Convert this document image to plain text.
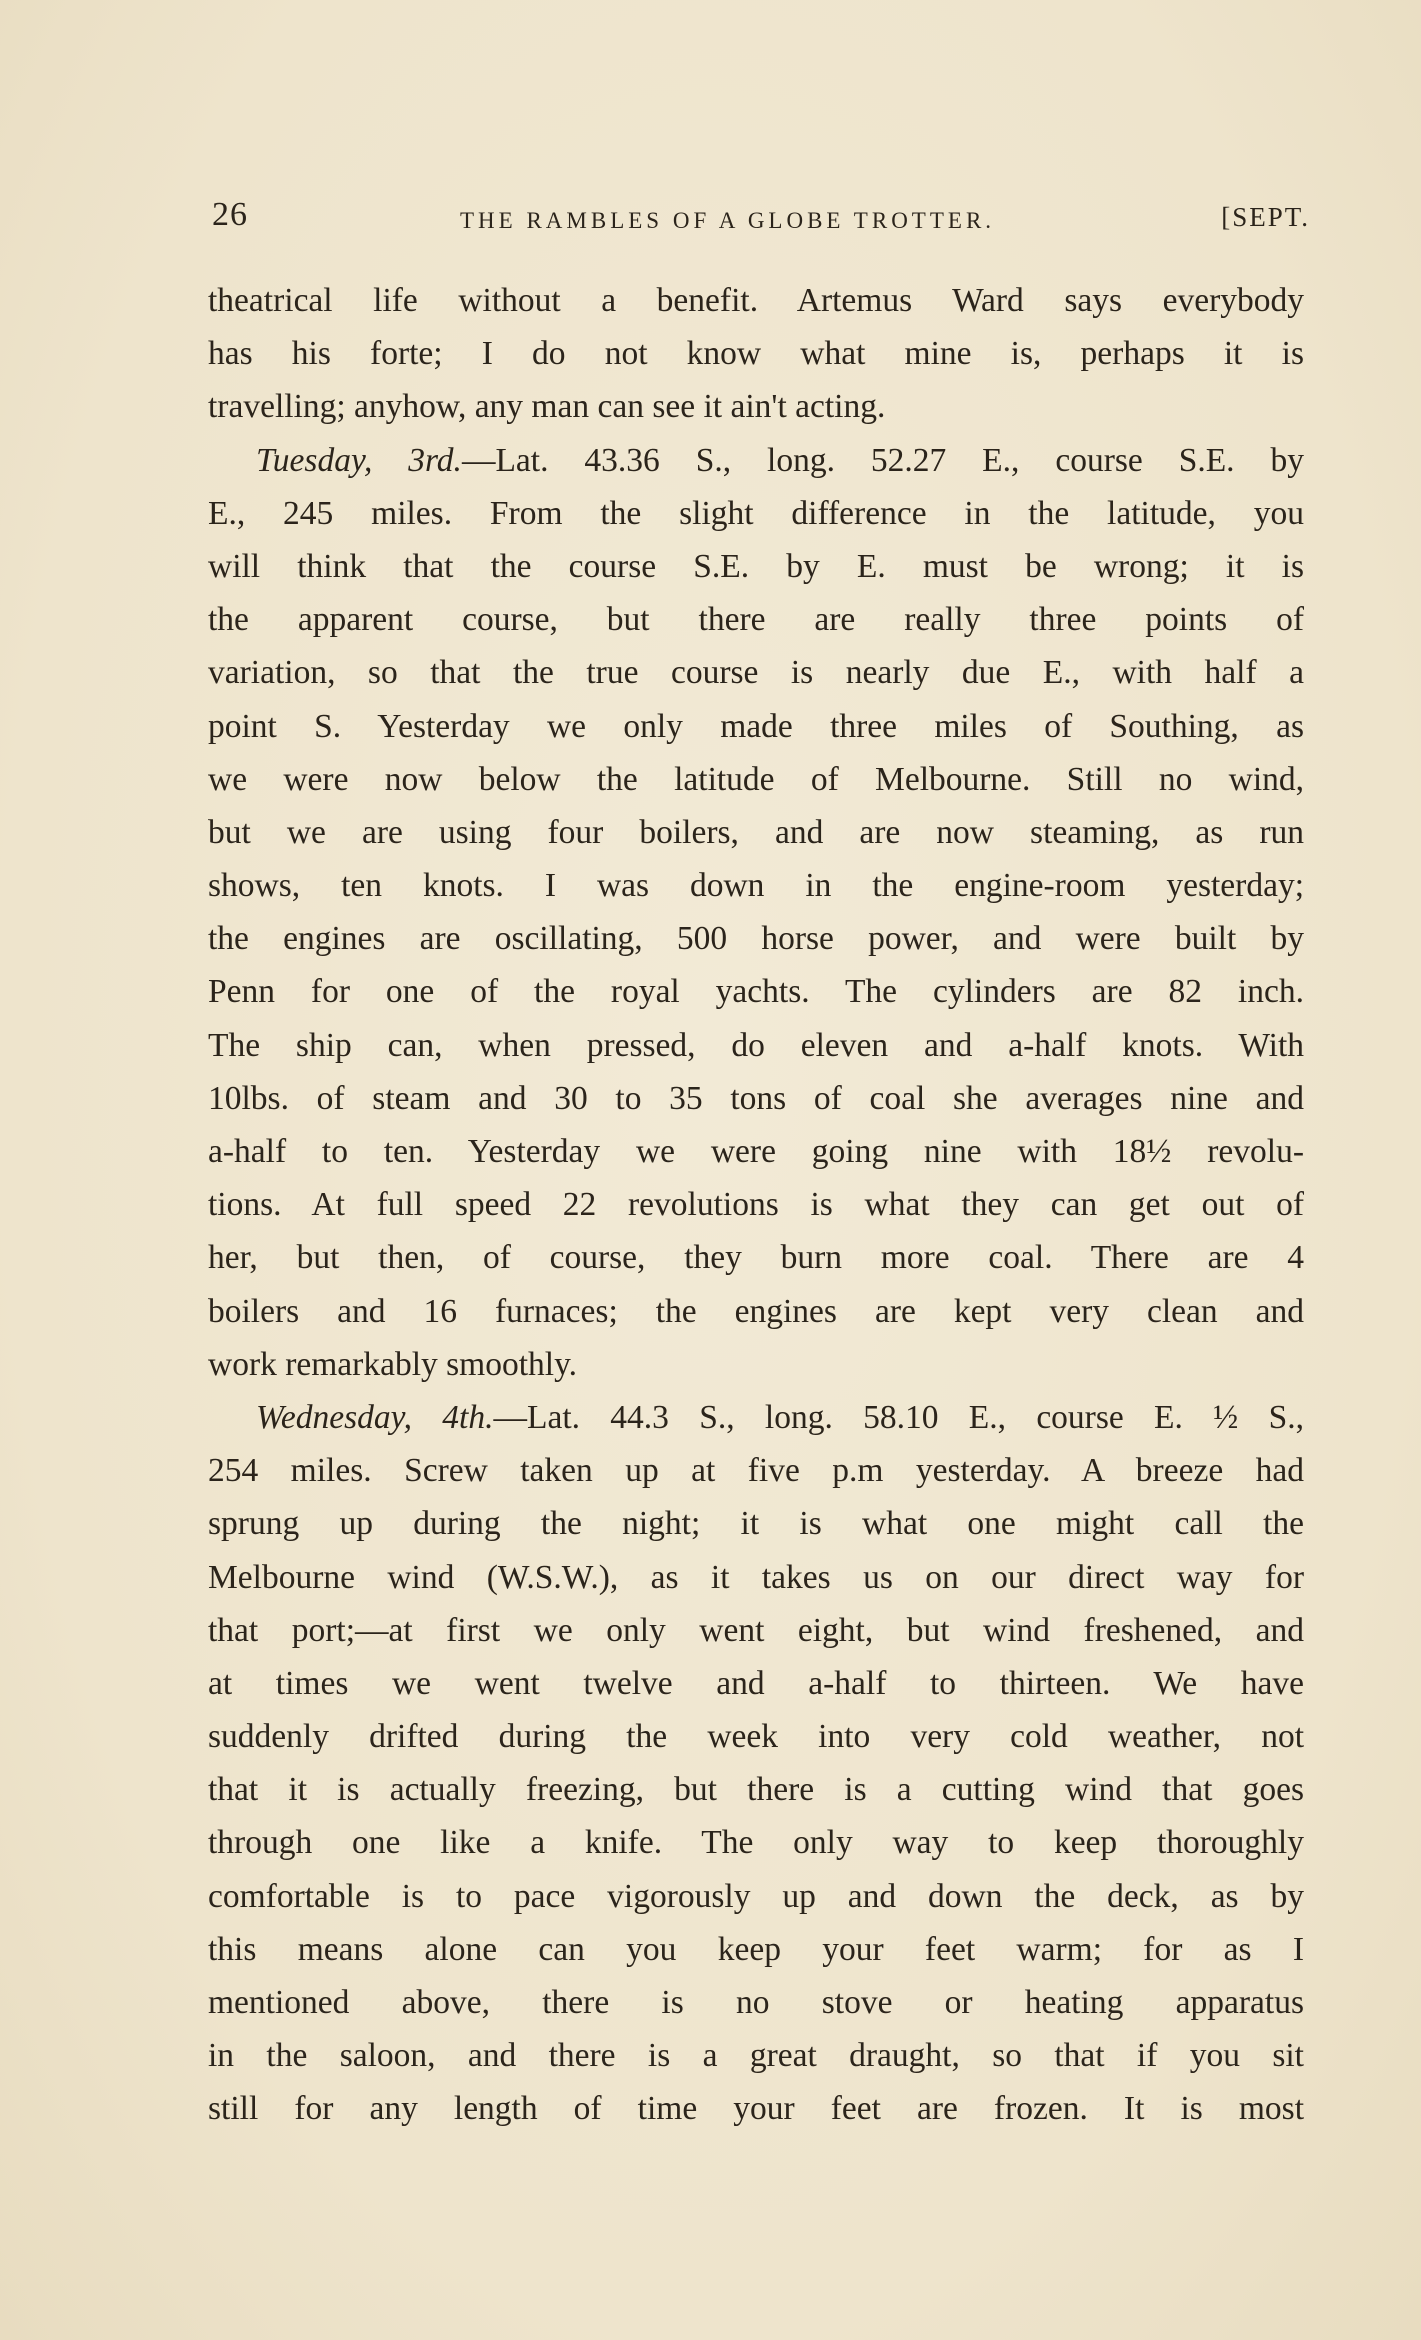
26	THE RAMBLES OF A GLOBE TROTTER.	[SEPT.
theatrical life without a benefit. Artemus Ward says everybody
has his forte; I do not know what mine is, perhaps it is
travelling; anyhow, any man can see it ain't acting.
Tuesday, 3rd.—Lat. 43.36 S., long. 52.27 E., course S.E. by
E., 245 miles. From the slight difference in the latitude, you
will think that the course S.E. by E. must be wrong; it is
the apparent course, but there are really three points of
variation, so that the true course is nearly due E., with half a
point S. Yesterday we only made three miles of Southing, as
we were now below the latitude of Melbourne. Still no wind,
but we are using four boilers, and are now steaming, as run
shows, ten knots. I was down in the engine-room yesterday;
the engines are oscillating, 500 horse power, and were built by
Penn for one of the royal yachts. The cylinders are 82 inch.
The ship can, when pressed, do eleven and a-half knots. With
10lbs. of steam and 30 to 35 tons of coal she averages nine and
a-half to ten. Yesterday we were going nine with 18½ revolu-
tions. At full speed 22 revolutions is what they can get out of
her, but then, of course, they burn more coal. There are 4
boilers and 16 furnaces; the engines are kept very clean and
work remarkably smoothly.
Wednesday, 4th.—Lat. 44.3 S., long. 58.10 E., course E. ½ S.,
254 miles. Screw taken up at five p.m yesterday. A breeze had
sprung up during the night; it is what one might call the
Melbourne wind (W.S.W.), as it takes us on our direct way for
that port;—at first we only went eight, but wind freshened, and
at times we went twelve and a-half to thirteen. We have
suddenly drifted during the week into very cold weather, not
that it is actually freezing, but there is a cutting wind that goes
through one like a knife. The only way to keep thoroughly
comfortable is to pace vigorously up and down the deck, as by
this means alone can you keep your feet warm; for as I
mentioned above, there is no stove or heating apparatus
in the saloon, and there is a great draught, so that if you sit
still for any length of time your feet are frozen. It is most
